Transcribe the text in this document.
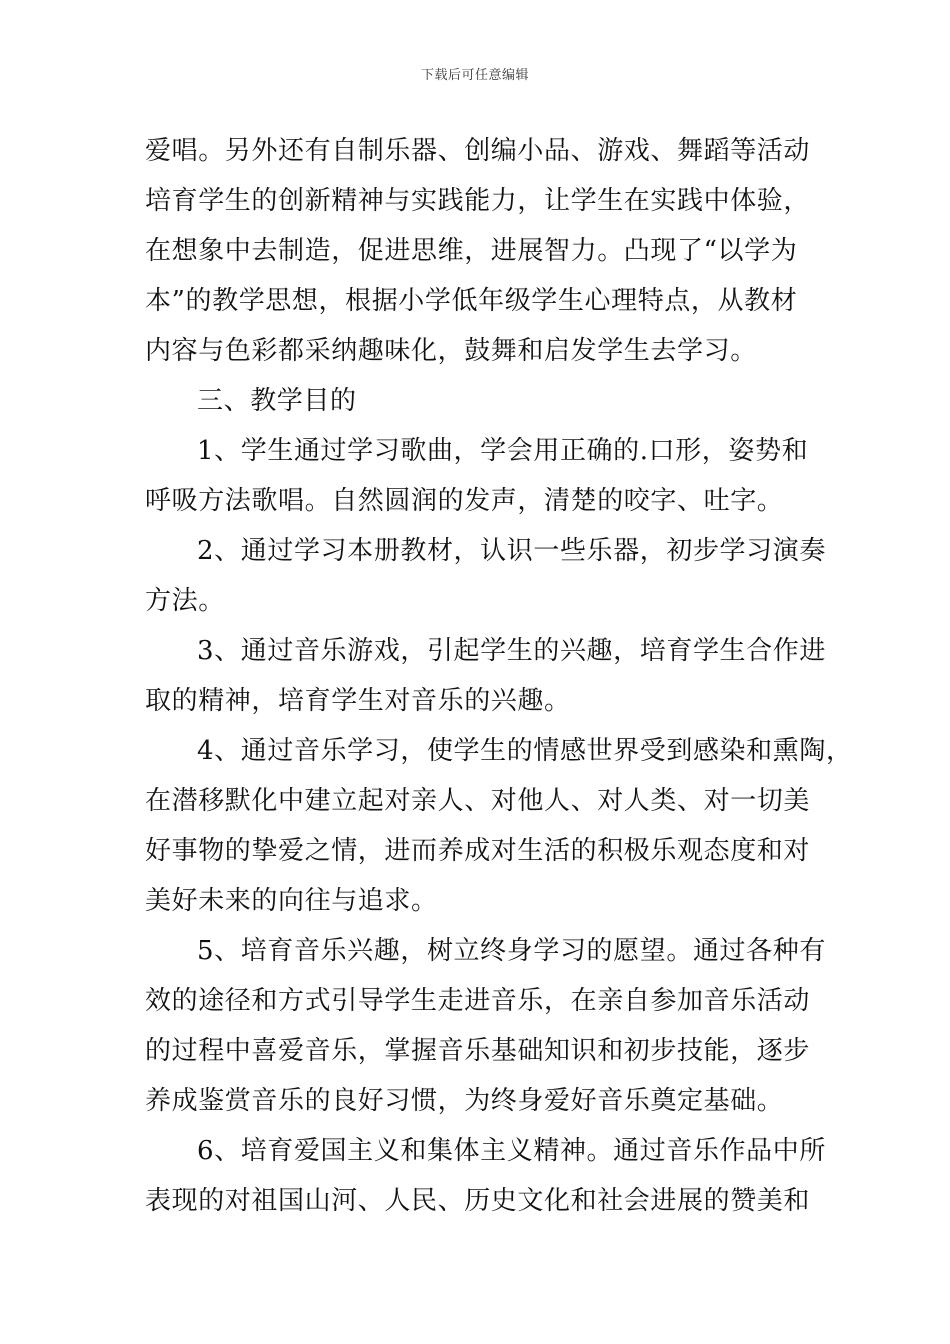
下载后可任意编辑
爱唱。另外还有自制乐器、创编小品、游戏、舞蹈等活动
培育学生的创新精神与实践能力，让学生在实践中体验，
在想象中去制造，促进思维，进展智力。凸现了“以学为
本”的教学思想，根据小学低年级学生心理特点，从教材
内容与色彩都采纳趣味化，鼓舞和启发学生去学习。
三、教学目的
1、学生通过学习歌曲，学会用正确的.口形，姿势和
呼吸方法歌唱。自然圆润的发声，清楚的咬字、吐字。
2、通过学习本册教材，认识一些乐器，初步学习演奏
方法。
3、通过音乐游戏，引起学生的兴趣，培育学生合作进
取的精神，培育学生对音乐的兴趣。
4、通过音乐学习，使学生的情感世界受到感染和熏陶，
在潜移默化中建立起对亲人、对他人、对人类、对一切美
好事物的挚爱之情，进而养成对生活的积极乐观态度和对
美好未来的向往与追求。
5、培育音乐兴趣，树立终身学习的愿望。通过各种有
效的途径和方式引导学生走进音乐，在亲自参加音乐活动
的过程中喜爱音乐，掌握音乐基础知识和初步技能，逐步
养成鉴赏音乐的良好习惯，为终身爱好音乐奠定基础。
6、培育爱国主义和集体主义精神。通过音乐作品中所
表现的对祖国山河、人民、历史文化和社会进展的赞美和
